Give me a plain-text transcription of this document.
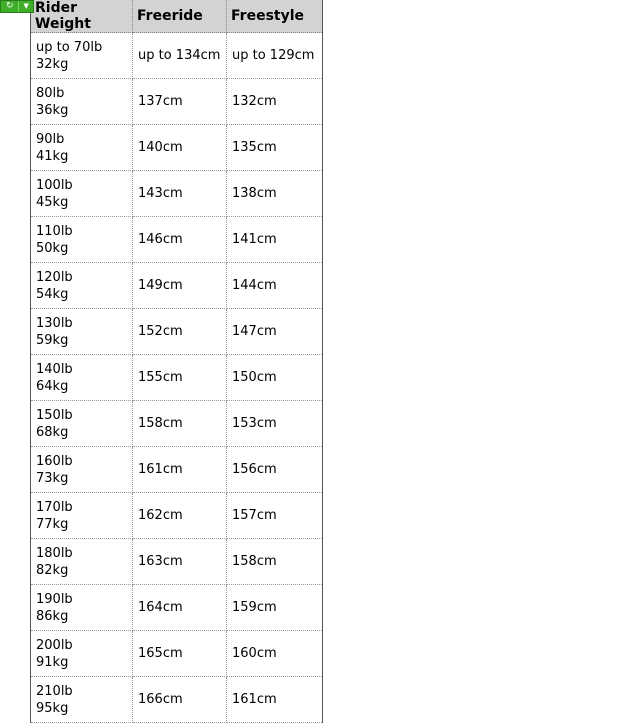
↻	▼ Rider Weight	Freeride	Freestyle

up to 70lb
32kg	up to 134cm	up to 129cm

80lb
36kg	137cm	132cm

90lb
41kg	140cm	135cm

100lb
45kg	143cm	138cm

110lb
50kg	146cm	141cm

120lb
54kg	149cm	144cm

130lb
59kg	152cm	147cm

140lb
64kg	155cm	150cm

150lb
68kg	158cm	153cm

160lb
73kg	161cm	156cm

170lb
77kg	162cm	157cm

180lb
82kg	163cm	158cm

190lb
86kg	164cm	159cm

200lb
91kg	165cm	160cm

210lb
95kg	166cm	161cm
